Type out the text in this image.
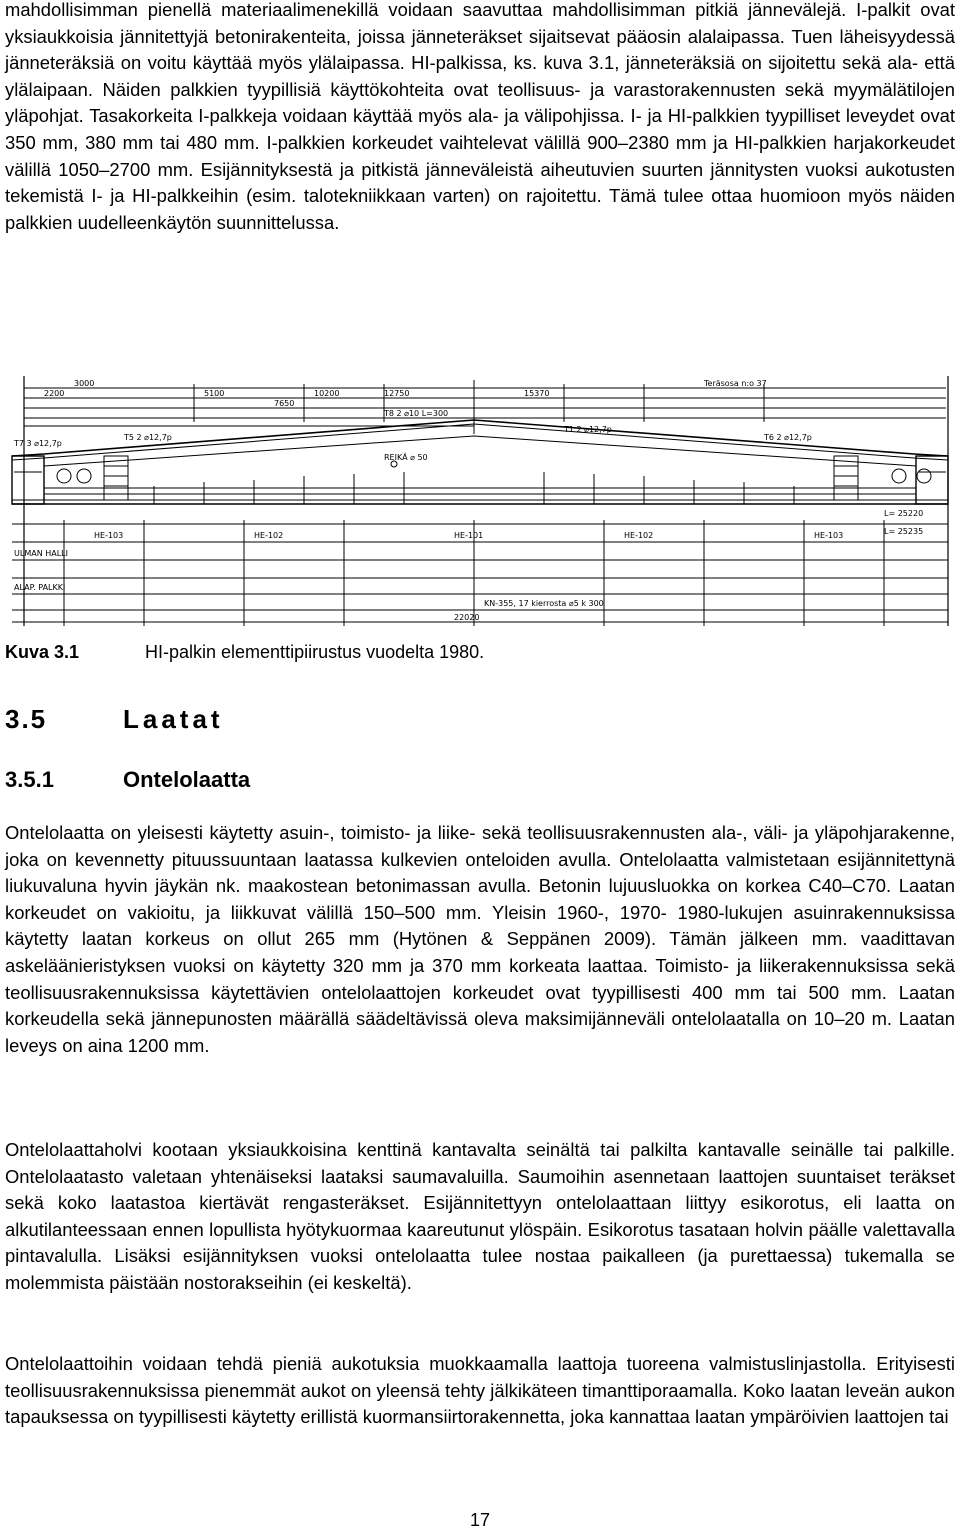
mahdollisimman pienellä materiaalimenekillä voidaan saavuttaa mahdollisimman pitkiä jännevälejä. I-palkit ovat yksiaukkoisia jännitettyjä betonirakenteita, joissa jänneteräkset sijaitsevat pääosin alalaipassa. Tuen läheisyydessä jänneteräksiä on voitu käyttää myös ylälaipassa. HI-palkissa, ks. kuva 3.1, jänneteräksiä on sijoitettu sekä ala- että ylälaipaan. Näiden palkkien tyypillisiä käyttökohteita ovat teollisuus- ja varastorakennusten sekä myymälätilojen yläpohjat. Tasakorkeita I-palkkeja voidaan käyttää myös ala- ja välipohjissa. I- ja HI-palkkien tyypilliset leveydet ovat 350 mm, 380 mm tai 480 mm. I-palkkien korkeudet vaihtelevat välillä 900–2380 mm ja HI-palkkien harjakorkeudet välillä 1050–2700 mm. Esijännityksestä ja pitkistä jänneväleistä aiheutuvien suurten jännitysten vuoksi aukotusten tekemistä I- ja HI-palkkeihin (esim. talotekniikkaan varten) on rajoitettu. Tämä tulee ottaa huomioon myös näiden palkkien uudelleenkäytön suunnittelussa.

3000
2200	5100
7650
10200	12750	15370
Teräsosa n:o 37
T7 3 ⌀12,7p
T5 2 ⌀12,7p
T8 2 ⌀10 L=300
T1 2 ⌀12,7p
T6 2 ⌀12,7p
REIKÄ ⌀ 50
L= 25220
L= 25235
HE-103	HE-102	HE-101	HE-102	HE-103
ULMAN HALLI
ALAP. PALKKI
KN-355, 17 kierrosta ⌀5 k 300
22020
Kuva 3.1	HI-palkin elementtipiirustus vuodelta 1980.
3.5	Laatat
3.5.1	Ontelolaatta

Ontelolaatta on yleisesti käytetty asuin-, toimisto- ja liike- sekä teollisuusrakennusten ala-, väli- ja yläpohjarakenne, joka on kevennetty pituussuuntaan laatassa kulkevien onteloiden avulla. Ontelolaatta valmistetaan esijännitettynä liukuvaluna hyvin jäykän nk. maakostean betonimassan avulla. Betonin lujuusluokka on korkea C40–C70. Laatan korkeudet on vakioitu, ja liikkuvat välillä 150–500 mm. Yleisin 1960-, 1970- 1980-lukujen asuinrakennuksissa käytetty laatan korkeus on ollut 265 mm (Hytönen & Seppänen 2009). Tämän jälkeen mm. vaadittavan askeläänieristyksen vuoksi on käytetty 320 mm ja 370 mm korkeata laattaa. Toimisto- ja liikerakennuksissa sekä teollisuusrakennuksissa käytettävien ontelolaattojen korkeudet ovat tyypillisesti 400 mm tai 500 mm. Laatan korkeudella sekä jännepunosten määrällä säädeltävissä oleva maksimijänneväli ontelolaatalla on 10–20 m. Laatan leveys on aina 1200 mm.

Ontelolaattaholvi kootaan yksiaukkoisina kenttinä kantavalta seinältä tai palkilta kantavalle seinälle tai palkille. Ontelolaatasto valetaan yhtenäiseksi laataksi saumavaluilla. Saumoihin asennetaan laattojen suuntaiset teräkset sekä koko laatastoa kiertävät rengasteräkset. Esijännitettyyn ontelolaattaan liittyy esikorotus, eli laatta on alkutilanteessaan ennen lopullista hyötykuormaa kaareutunut ylöspäin. Esikorotus tasataan holvin päälle valettavalla pintavalulla. Lisäksi esijännityksen vuoksi ontelolaatta tulee nostaa paikalleen (ja purettaessa) tukemalla se molemmista päistään nostorakseihin (ei keskeltä).

Ontelolaattoihin voidaan tehdä pieniä aukotuksia muokkaamalla laattoja tuoreena valmistuslinjastolla. Erityisesti teollisuusrakennuksissa pienemmät aukot on yleensä tehty jälkikäteen timanttiporaamalla. Koko laatan leveän aukon tapauksessa on tyypillisesti käytetty erillistä kuormansiirtorakennetta, joka kannattaa laatan ympäröivien laattojen tai

17
